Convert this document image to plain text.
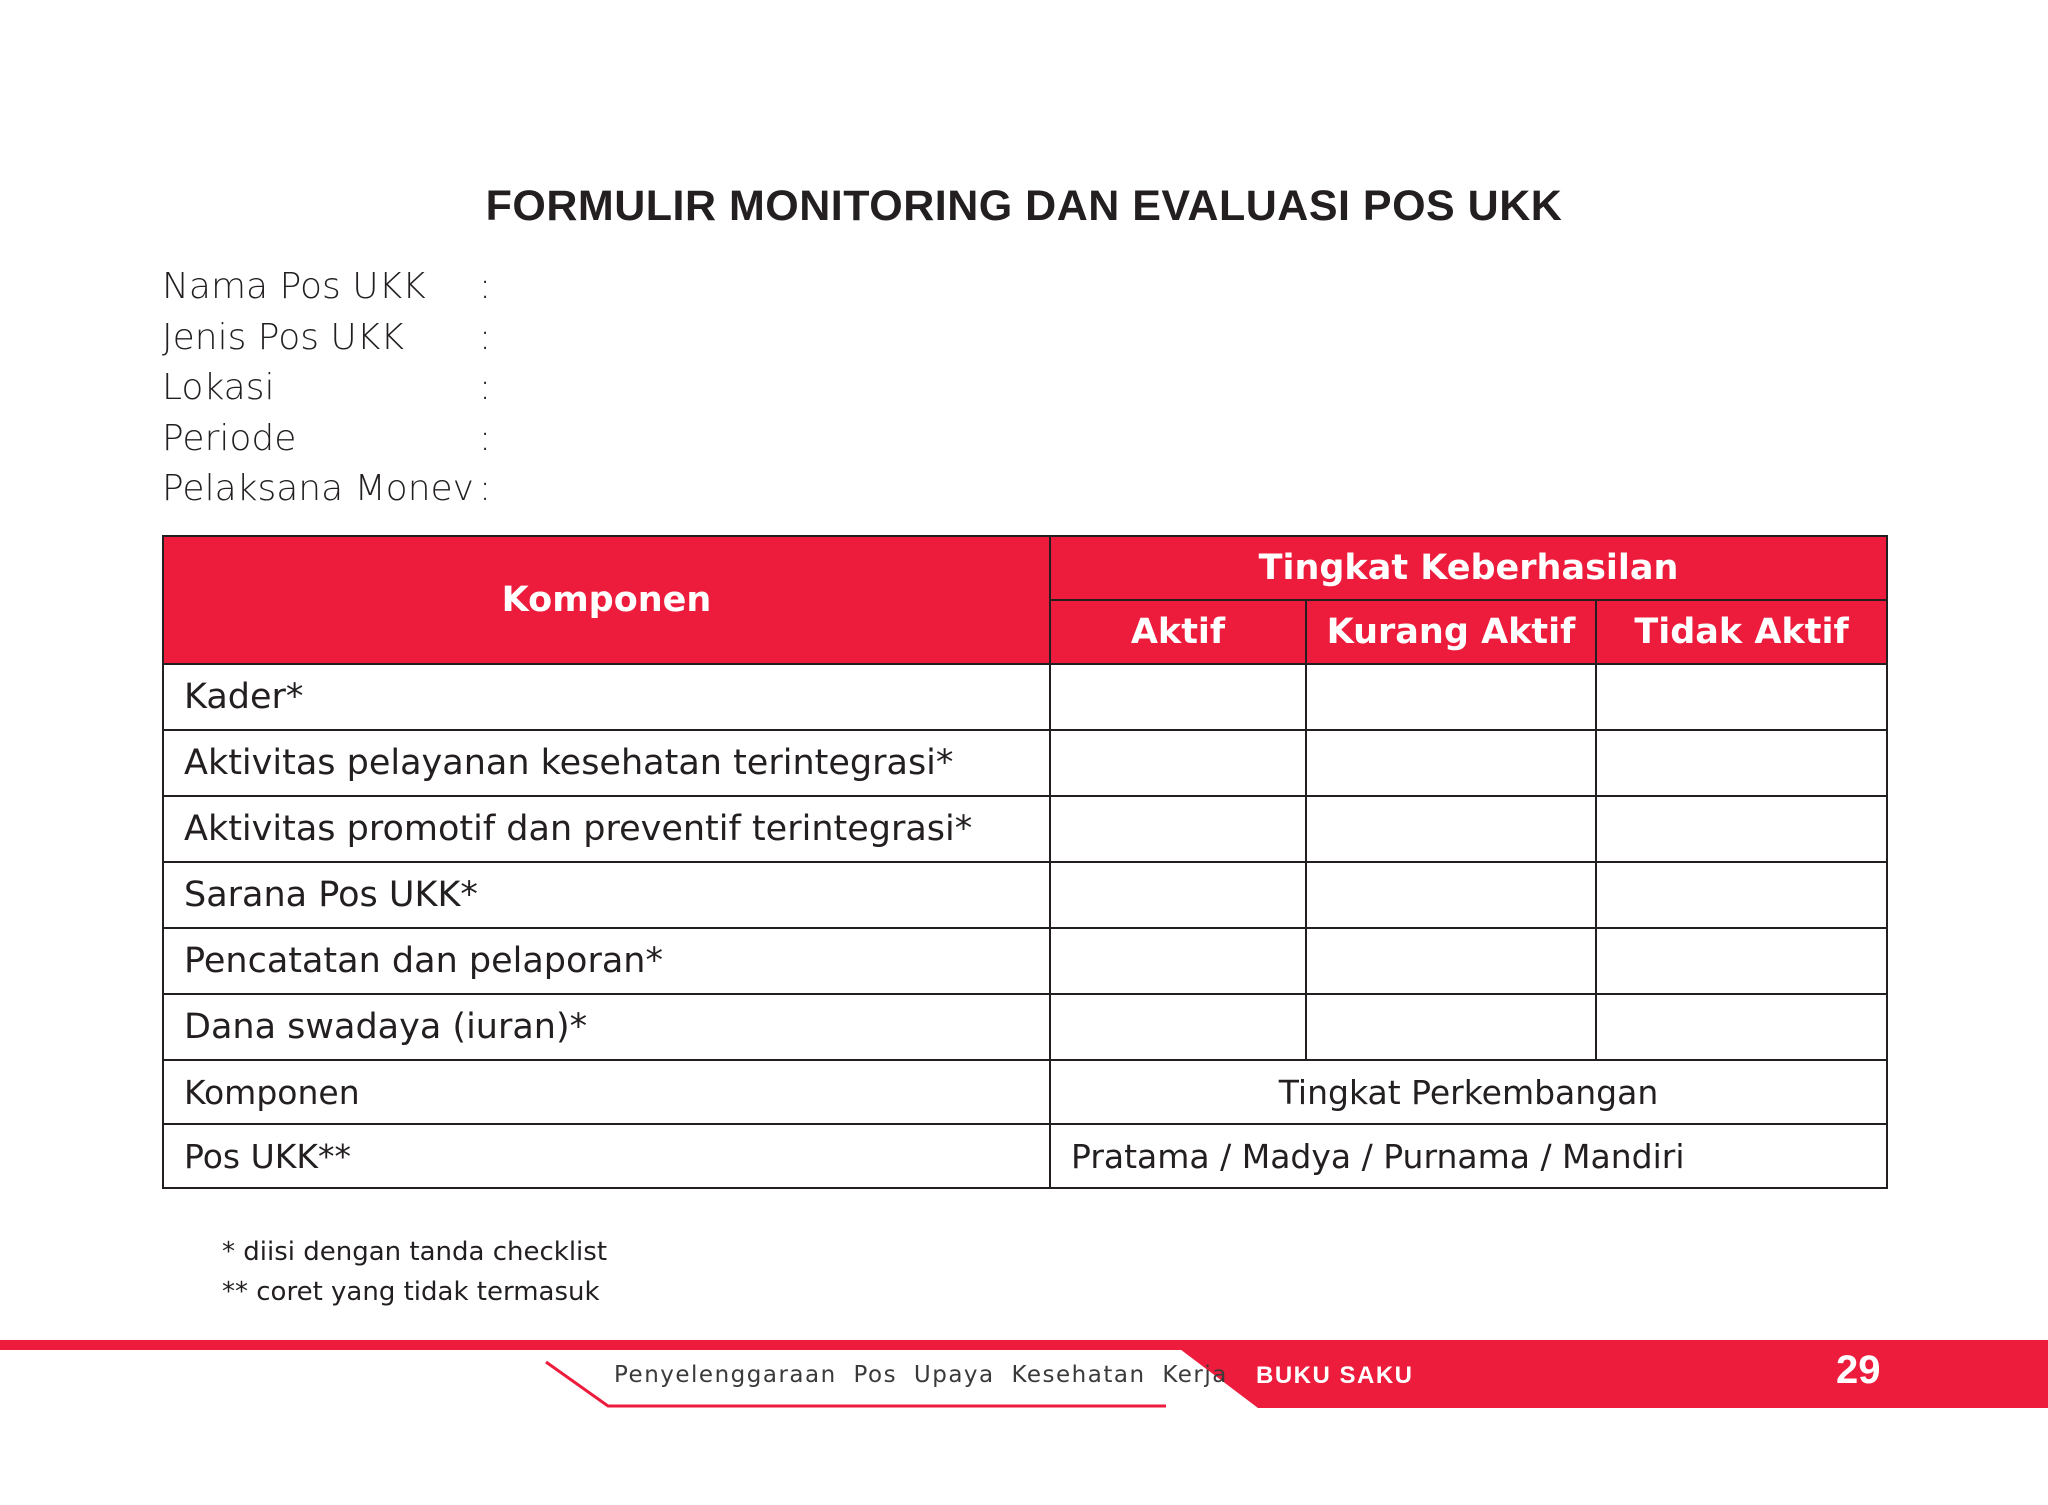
FORMULIR MONITORING DAN EVALUASI POS UKK
Nama Pos UKK	:
Jenis Pos UKK	:
Lokasi	:
Periode	:
Pelaksana Monev :
Komponen	Tingkat Keberhasilan		
	Aktif	Kurang Aktif	Tidak Aktif
Kader*			
Aktivitas pelayanan kesehatan terintegrasi*			
Aktivitas promotif dan preventif terintegrasi*			
Sarana Pos UKK*			
Pencatatan dan pelaporan*			
Dana swadaya (iuran)*			
Komponen	Tingkat Perkembangan		
Pos UKK**	Pratama / Madya / Purnama / Mandiri		
* diisi dengan tanda checklist
** coret yang tidak termasuk
Penyelenggaraan Pos Upaya Kesehatan Kerja BUKU SAKU	29
